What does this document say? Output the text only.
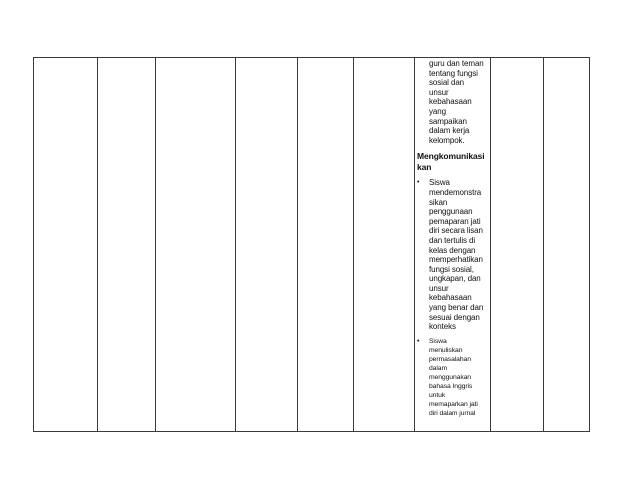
guru dan teman
tentang fungsi
sosial dan
unsur
kebahasaan
yang
sampaikan
dalam kerja
kelompok.
Mengkomunikasi
kan
• Siswa
mendemonstra
sikan
penggunaan
pemaparan jati
diri secara lisan
dan tertulis di
kelas dengan
memperhatikan
fungsi sosial,
ungkapan, dan
unsur
kebahasaan
yang benar dan
sesuai dengan
konteks
• Siswa
menuliskan
permasalahan
dalam
menggunakan
bahasa Inggris
untuk
memaparkan jati
diri dalam jurnal
